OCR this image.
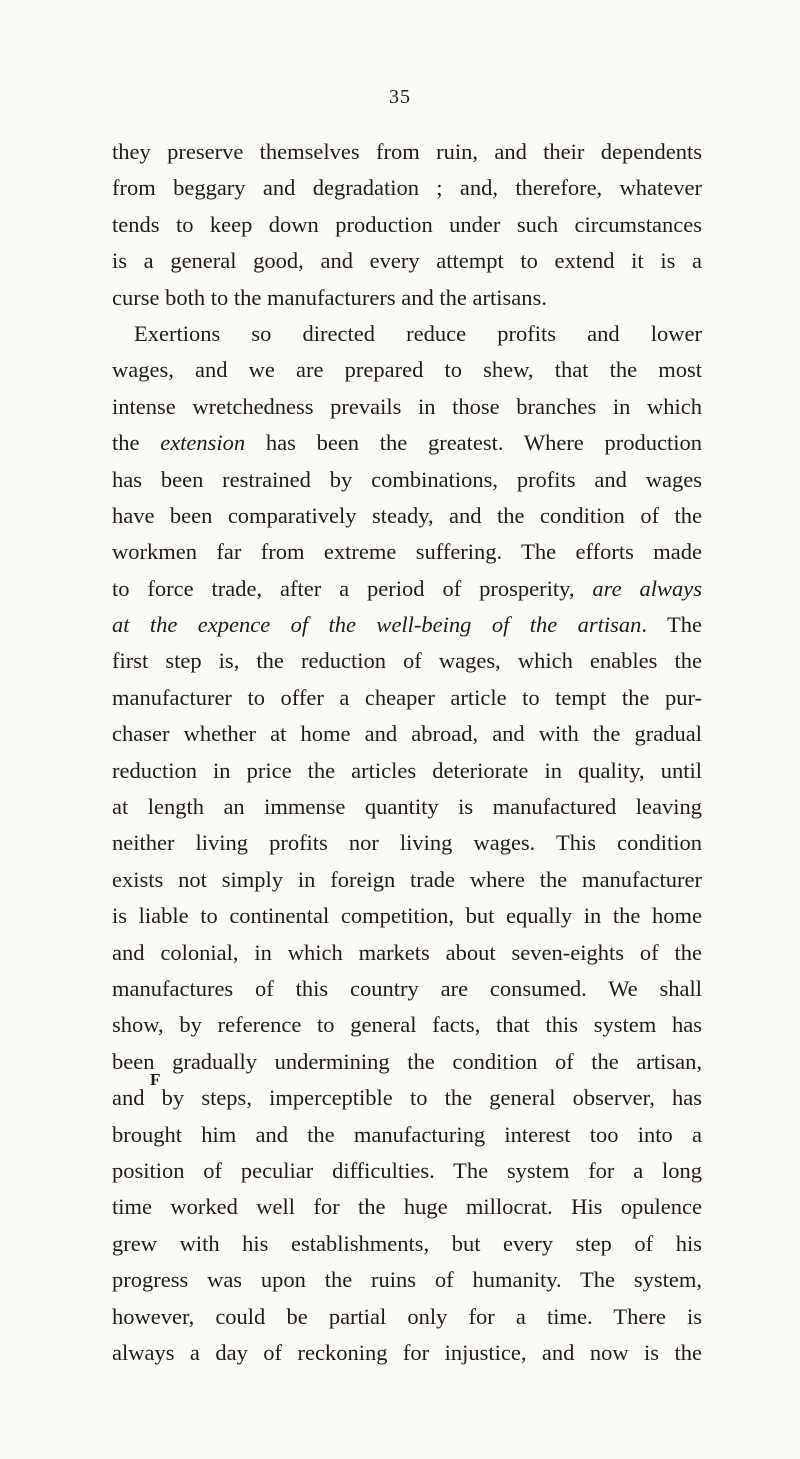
35
they preserve themselves from ruin, and their dependents
from beggary and degradation ; and, therefore, whatever
tends to keep down production under such circumstances
is a general good, and every attempt to extend it is a
curse both to the manufacturers and the artisans.
Exertions so directed reduce profits and lower
wages, and we are prepared to shew, that the most
intense wretchedness prevails in those branches in which
the extension has been the greatest. Where production
has been restrained by combinations, profits and wages
have been comparatively steady, and the condition of the
workmen far from extreme suffering. The efforts made
to force trade, after a period of prosperity, are always
at the expence of the well-being of the artisan. The
first step is, the reduction of wages, which enables the
manufacturer to offer a cheaper article to tempt the pur-
chaser whether at home and abroad, and with the gradual
reduction in price the articles deteriorate in quality, until
at length an immense quantity is manufactured leaving
neither living profits nor living wages. This condition
exists not simply in foreign trade where the manufacturer
is liable to continental competition, but equally in the home
and colonial, in which markets about seven-eights of the
manufactures of this country are consumed. We shall
show, by reference to general facts, that this system has
been gradually undermining the condition of the artisan,
and by steps, imperceptible to the general observer, has
brought him and the manufacturing interest too into a
position of peculiar difficulties. The system for a long
time worked well for the huge millocrat. His opulence
grew with his establishments, but every step of his
progress was upon the ruins of humanity. The system,
however, could be partial only for a time. There is
always a day of reckoning for injustice, and now is the
F
